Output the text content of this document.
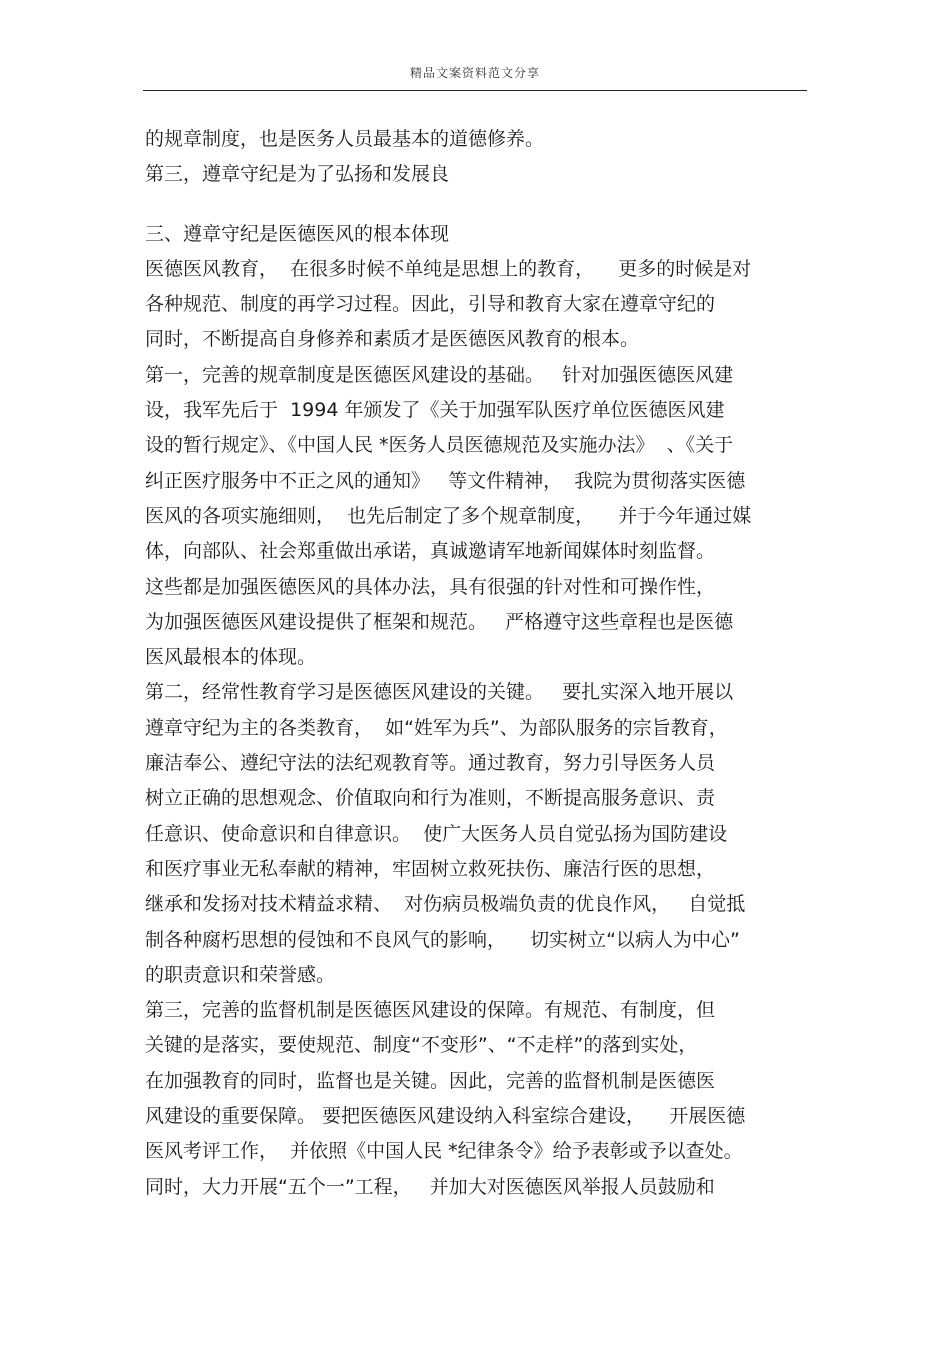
精品文案资料范文分享
的规章制度，也是医务人员最基本的道德修养。
第三，遵章守纪是为了弘扬和发展良
三、遵章守纪是医德医风的根本体现
医德医风教育，  在很多时候不单纯是思想上的教育，    更多的时候是对
各种规范、制度的再学习过程。因此，引导和教育大家在遵章守纪的
同时，不断提高自身修养和素质才是医德医风教育的根本。
第一，完善的规章制度是医德医风建设的基础。   针对加强医德医风建
设，我军先后于  1994 年颁发了《关于加强军队医疗单位医德医风建
设的暂行规定》、《中国人民 *医务人员医德规范及实施办法》  、《关于
纠正医疗服务中不正之风的通知》   等文件精神，  我院为贯彻落实医德
医风的各项实施细则，  也先后制定了多个规章制度，    并于今年通过媒
体，向部队、社会郑重做出承诺，真诚邀请军地新闻媒体时刻监督。
这些都是加强医德医风的具体办法，具有很强的针对性和可操作性，
为加强医德医风建设提供了框架和规范。   严格遵守这些章程也是医德
医风最根本的体现。
第二，经常性教育学习是医德医风建设的关键。   要扎实深入地开展以
遵章守纪为主的各类教育，  如“姓军为兵”、为部队服务的宗旨教育，
廉洁奉公、遵纪守法的法纪观教育等。通过教育，努力引导医务人员
树立正确的思想观念、价值取向和行为准则，不断提高服务意识、责
任意识、使命意识和自律意识。  使广大医务人员自觉弘扬为国防建设
和医疗事业无私奉献的精神，牢固树立救死扶伤、廉洁行医的思想，
继承和发扬对技术精益求精、  对伤病员极端负责的优良作风，   自觉抵
制各种腐朽思想的侵蚀和不良风气的影响，    切实树立“以病人为中心”
的职责意识和荣誉感。
第三，完善的监督机制是医德医风建设的保障。有规范、有制度，但
关键的是落实，要使规范、制度“不变形”、“不走样”的落到实处，
在加强教育的同时，监督也是关键。因此，完善的监督机制是医德医
风建设的重要保障。 要把医德医风建设纳入科室综合建设，    开展医德
医风考评工作，  并依照《中国人民 *纪律条令》给予表彰或予以查处。
同时，大力开展“五个一”工程，   并加大对医德医风举报人员鼓励和
